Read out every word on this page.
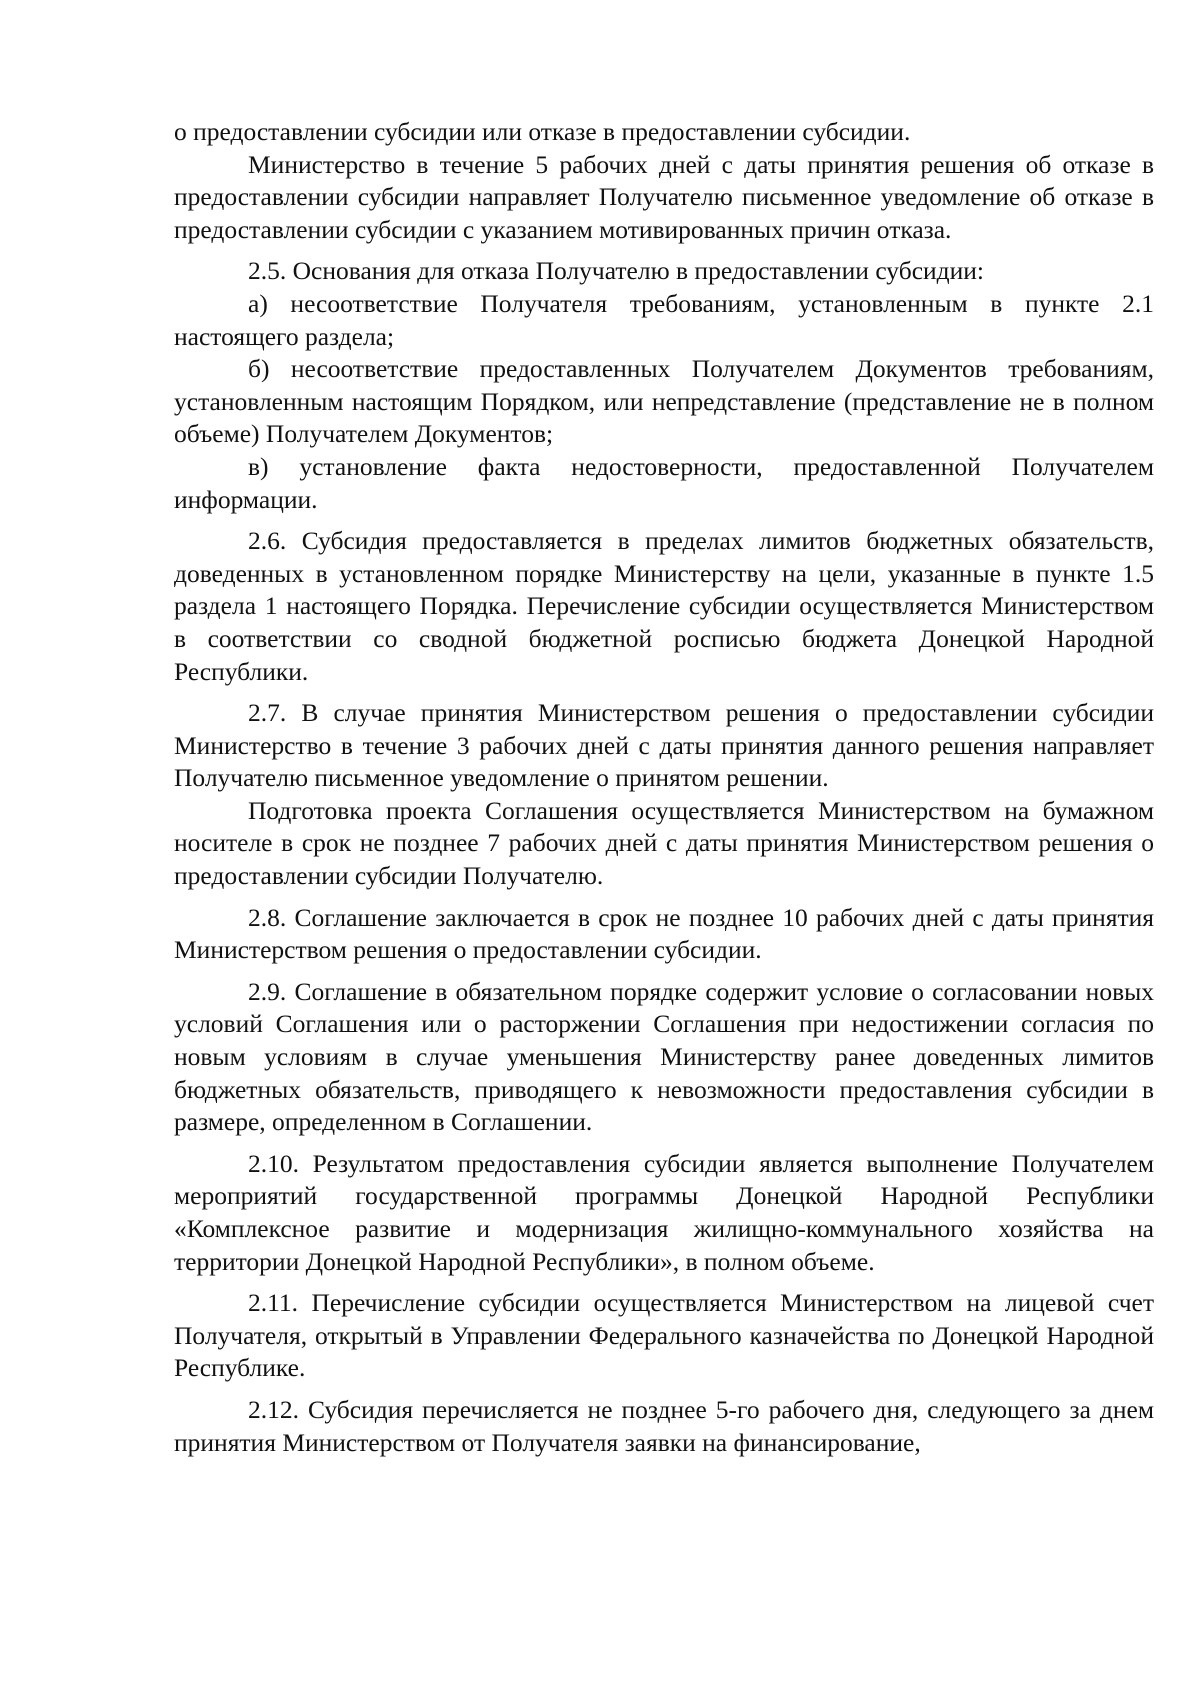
о предоставлении субсидии или отказе в предоставлении субсидии.

Министерство в течение 5 рабочих дней с даты принятия решения об отказе в предоставлении субсидии направляет Получателю письменное уведомление об отказе в предоставлении субсидии с указанием мотивированных причин отказа.

2.5. Основания для отказа Получателю в предоставлении субсидии:

а) несоответствие Получателя требованиям, установленным в пункте 2.1 настоящего раздела;

б) несоответствие предоставленных Получателем Документов требованиям, установленным настоящим Порядком, или непредставление (представление не в полном объеме) Получателем Документов;

в) установление факта недостоверности, предоставленной Получателем информации.

2.6. Субсидия предоставляется в пределах лимитов бюджетных обязательств, доведенных в установленном порядке Министерству на цели, указанные в пункте 1.5 раздела 1 настоящего Порядка. Перечисление субсидии осуществляется Министерством в соответствии со сводной бюджетной росписью бюджета Донецкой Народной Республики.

2.7. В случае принятия Министерством решения о предоставлении субсидии Министерство в течение 3 рабочих дней с даты принятия данного решения направляет Получателю письменное уведомление о принятом решении.

Подготовка проекта Соглашения осуществляется Министерством на бумажном носителе в срок не позднее 7 рабочих дней с даты принятия Министерством решения о предоставлении субсидии Получателю.

2.8. Соглашение заключается в срок не позднее 10 рабочих дней с даты принятия Министерством решения о предоставлении субсидии.

2.9. Соглашение в обязательном порядке содержит условие о согласовании новых условий Соглашения или о расторжении Соглашения при недостижении согласия по новым условиям в случае уменьшения Министерству ранее доведенных лимитов бюджетных обязательств, приводящего к невозможности предоставления субсидии в размере, определенном в Соглашении.

2.10. Результатом предоставления субсидии является выполнение Получателем мероприятий государственной программы Донецкой Народной Республики «Комплексное развитие и модернизация жилищно-коммунального хозяйства на территории Донецкой Народной Республики», в полном объеме.

2.11. Перечисление субсидии осуществляется Министерством на лицевой счет Получателя, открытый в Управлении Федерального казначейства по Донецкой Народной Республике.

2.12. Субсидия перечисляется не позднее 5-го рабочего дня, следующего за днем принятия Министерством от Получателя заявки на финансирование,
